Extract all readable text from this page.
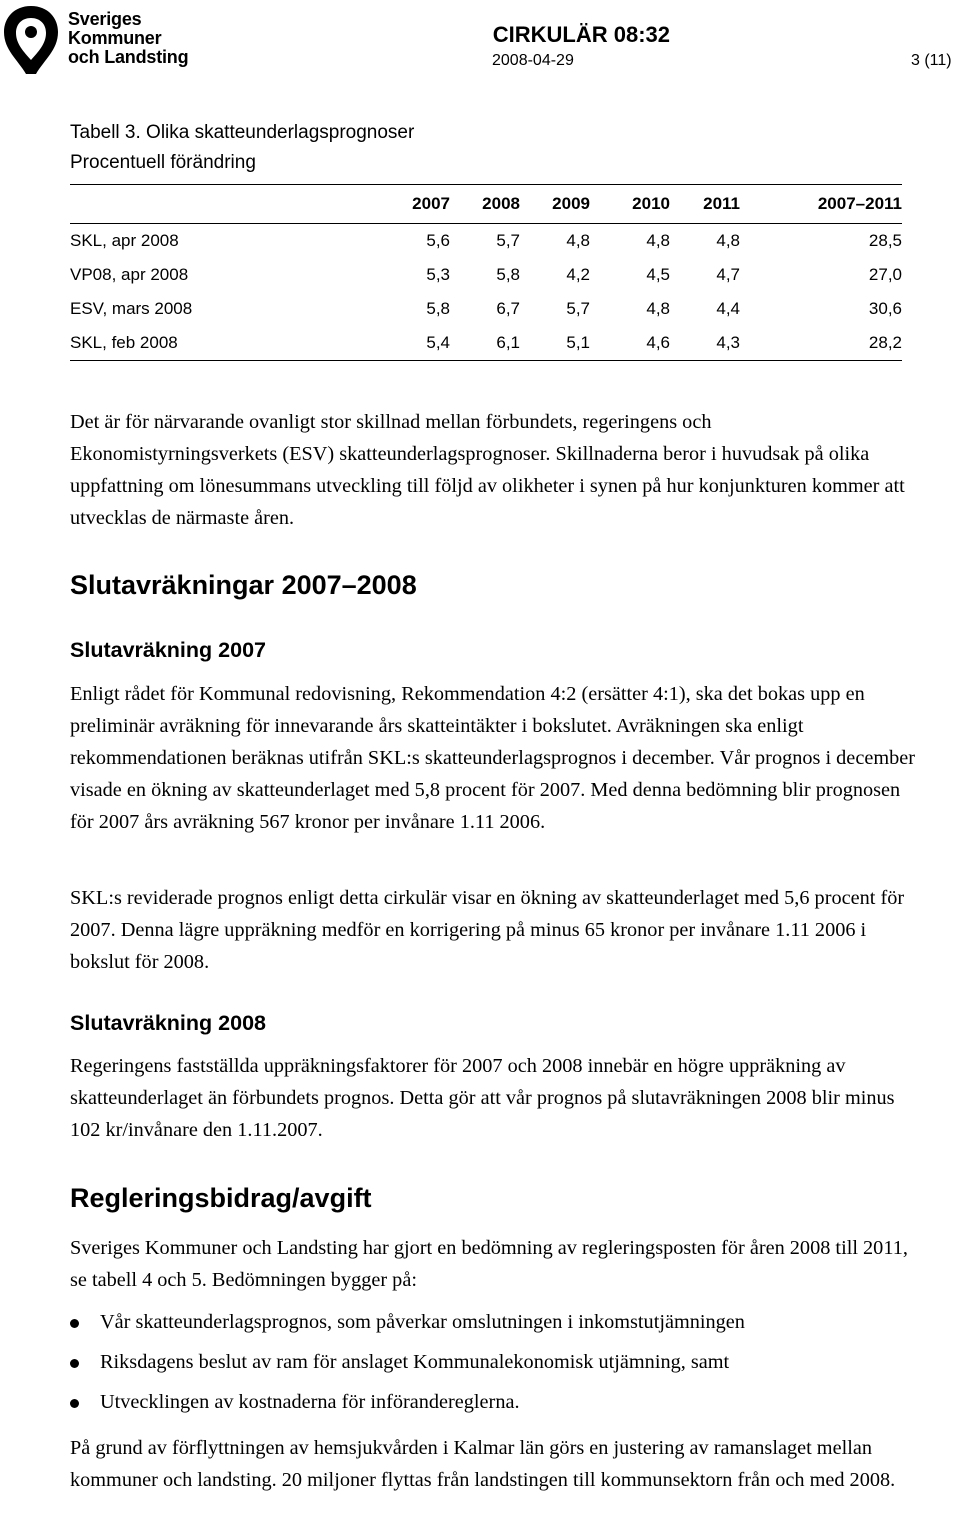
Sveriges
Kommuner
och Landsting
CIRKULÄR 08:32
2008-04-29	3 (11)
Tabell 3. Olika skatteunderlagsprognoser
Procentuell förändring
	2007	2008	2009	2010	2011	2007–2011
SKL, apr 2008	5,6	5,7	4,8	4,8	4,8	28,5
VP08, apr 2008	5,3	5,8	4,2	4,5	4,7	27,0
ESV, mars 2008	5,8	6,7	5,7	4,8	4,4	30,6
SKL, feb 2008	5,4	6,1	5,1	4,6	4,3	28,2

Det är för närvarande ovanligt stor skillnad mellan förbundets, regeringens och Ekonomistyrningsverkets (ESV) skatteunderlagsprognoser. Skillnaderna beror i huvudsak på olika uppfattning om lönesummans utveckling till följd av olikheter i synen på hur konjunkturen kommer att utvecklas de närmaste åren.

Slutavräkningar 2007–2008
Slutavräkning 2007

Enligt rådet för Kommunal redovisning, Rekommendation 4:2 (ersätter 4:1), ska det bokas upp en preliminär avräkning för innevarande års skatteintäkter i bokslutet. Avräkningen ska enligt rekommendationen beräknas utifrån SKL:s skatteunderlagsprognos i december. Vår prognos i december visade en ökning av skatteunderlaget med 5,8 procent för 2007. Med denna bedömning blir prognosen för 2007 års avräkning 567 kronor per invånare 1.11 2006.

SKL:s reviderade prognos enligt detta cirkulär visar en ökning av skatteunderlaget med 5,6 procent för 2007. Denna lägre uppräkning medför en korrigering på minus 65 kronor per invånare 1.11 2006 i bokslut för 2008.

Slutavräkning 2008

Regeringens fastställda uppräkningsfaktorer för 2007 och 2008 innebär en högre uppräkning av skatteunderlaget än förbundets prognos. Detta gör att vår prognos på slutavräkningen 2008 blir minus 102 kr/invånare den 1.11.2007.

Regleringsbidrag/avgift

Sveriges Kommuner och Landsting har gjort en bedömning av regleringsposten för åren 2008 till 2011, se tabell 4 och 5. Bedömningen bygger på:

Vår skatteunderlagsprognos, som påverkar omslutningen i inkomstutjämningen
Riksdagens beslut av ram för anslaget Kommunalekonomisk utjämning, samt
Utvecklingen av kostnaderna för införandereglerna.

På grund av förflyttningen av hemsjukvården i Kalmar län görs en justering av ramanslaget mellan kommuner och landsting. 20 miljoner flyttas från landstingen till kommunsektorn från och med 2008.
